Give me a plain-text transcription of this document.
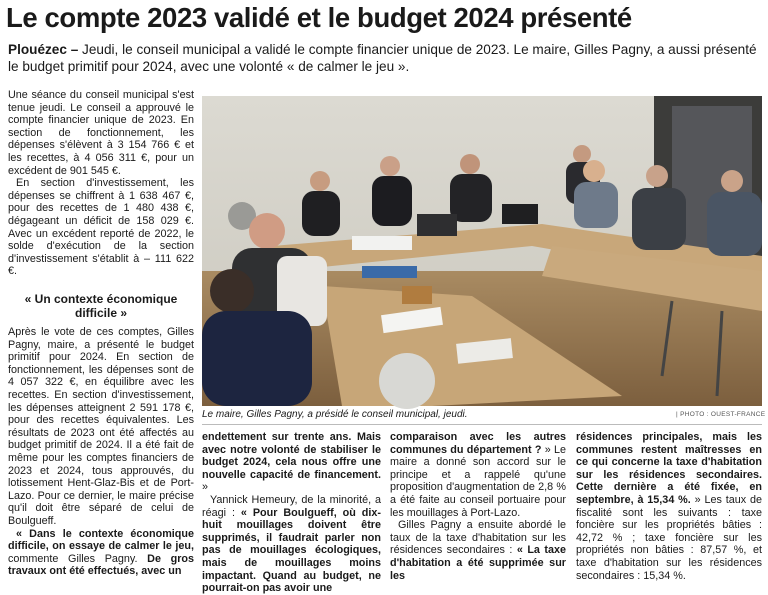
Le compte 2023 validé et le budget 2024 présenté
Plouézec – Jeudi, le conseil municipal a validé le compte financier unique de 2023. Le maire, Gilles Pagny, a aussi présenté le budget primitif pour 2024, avec une volonté « de calmer le jeu ».

Une séance du conseil municipal s'est tenue jeudi. Le conseil a approuvé le compte financier unique de 2023. En section de fonctionnement, les dépenses s'élèvent à 3 154 766 € et les recettes, à 4 056 311 €, pour un excédent de 901 545 €.

En section d'investissement, les dépenses se chiffrent à 1 638 467 €, pour des recettes de 1 480 438 €, dégageant un déficit de 158 029 €. Avec un excédent reporté de 2022, le solde d'exécution de la section d'investissement s'établit à – 111 622 €.

« Un contexte économique difficile »

Après le vote de ces comptes, Gilles Pagny, maire, a présenté le budget primitif pour 2024. En section de fonctionnement, les dépenses sont de 4 057 322 €, en équilibre avec les recettes. En section d'investissement, les dépenses atteignent 2 591 178 €, pour des recettes équivalentes. Les résultats de 2023 ont été affectés au budget primitif de 2024. Il a été fait de même pour les comptes financiers de 2023 et 2024, tous approuvés, du lotissement Hent-Glaz-Bis et de Port-Lazo. Pour ce dernier, le maire précise qu'il doit être séparé de celui de Boulgueff.

« Dans le contexte économique difficile, on essaye de calmer le jeu, commente Gilles Pagny. De gros travaux ont été effectués, avec un

Le maire, Gilles Pagny, a présidé le conseil municipal, jeudi.	| PHOTO : OUEST-FRANCE

endettement sur trente ans. Mais avec notre volonté de stabiliser le budget 2024, cela nous offre une nouvelle capacité de financement. »

Yannick Hemeury, de la minorité, a réagi : « Pour Boulgueff, où dix-huit mouillages doivent être supprimés, il faudrait parler non pas de mouillages écologiques, mais de mouillages moins impactant. Quand au budget, ne pourrait-on pas avoir une

comparaison avec les autres communes du département ? » Le maire a donné son accord sur le principe et a rappelé qu'une proposition d'augmentation de 2,8 % a été faite au conseil portuaire pour les mouillages à Port-Lazo.

Gilles Pagny a ensuite abordé le taux de la taxe d'habitation sur les résidences secondaires : « La taxe d'habitation a été supprimée sur les

résidences principales, mais les communes restent maîtresses en ce qui concerne la taxe d'habitation sur les résidences secondaires. Cette dernière a été fixée, en septembre, à 15,34 %. » Les taux de fiscalité sont les suivants : taxe foncière sur les propriétés bâties : 42,72 % ; taxe foncière sur les propriétés non bâties : 87,57 %, et taxe d'habitation sur les résidences secondaires : 15,34 %.
